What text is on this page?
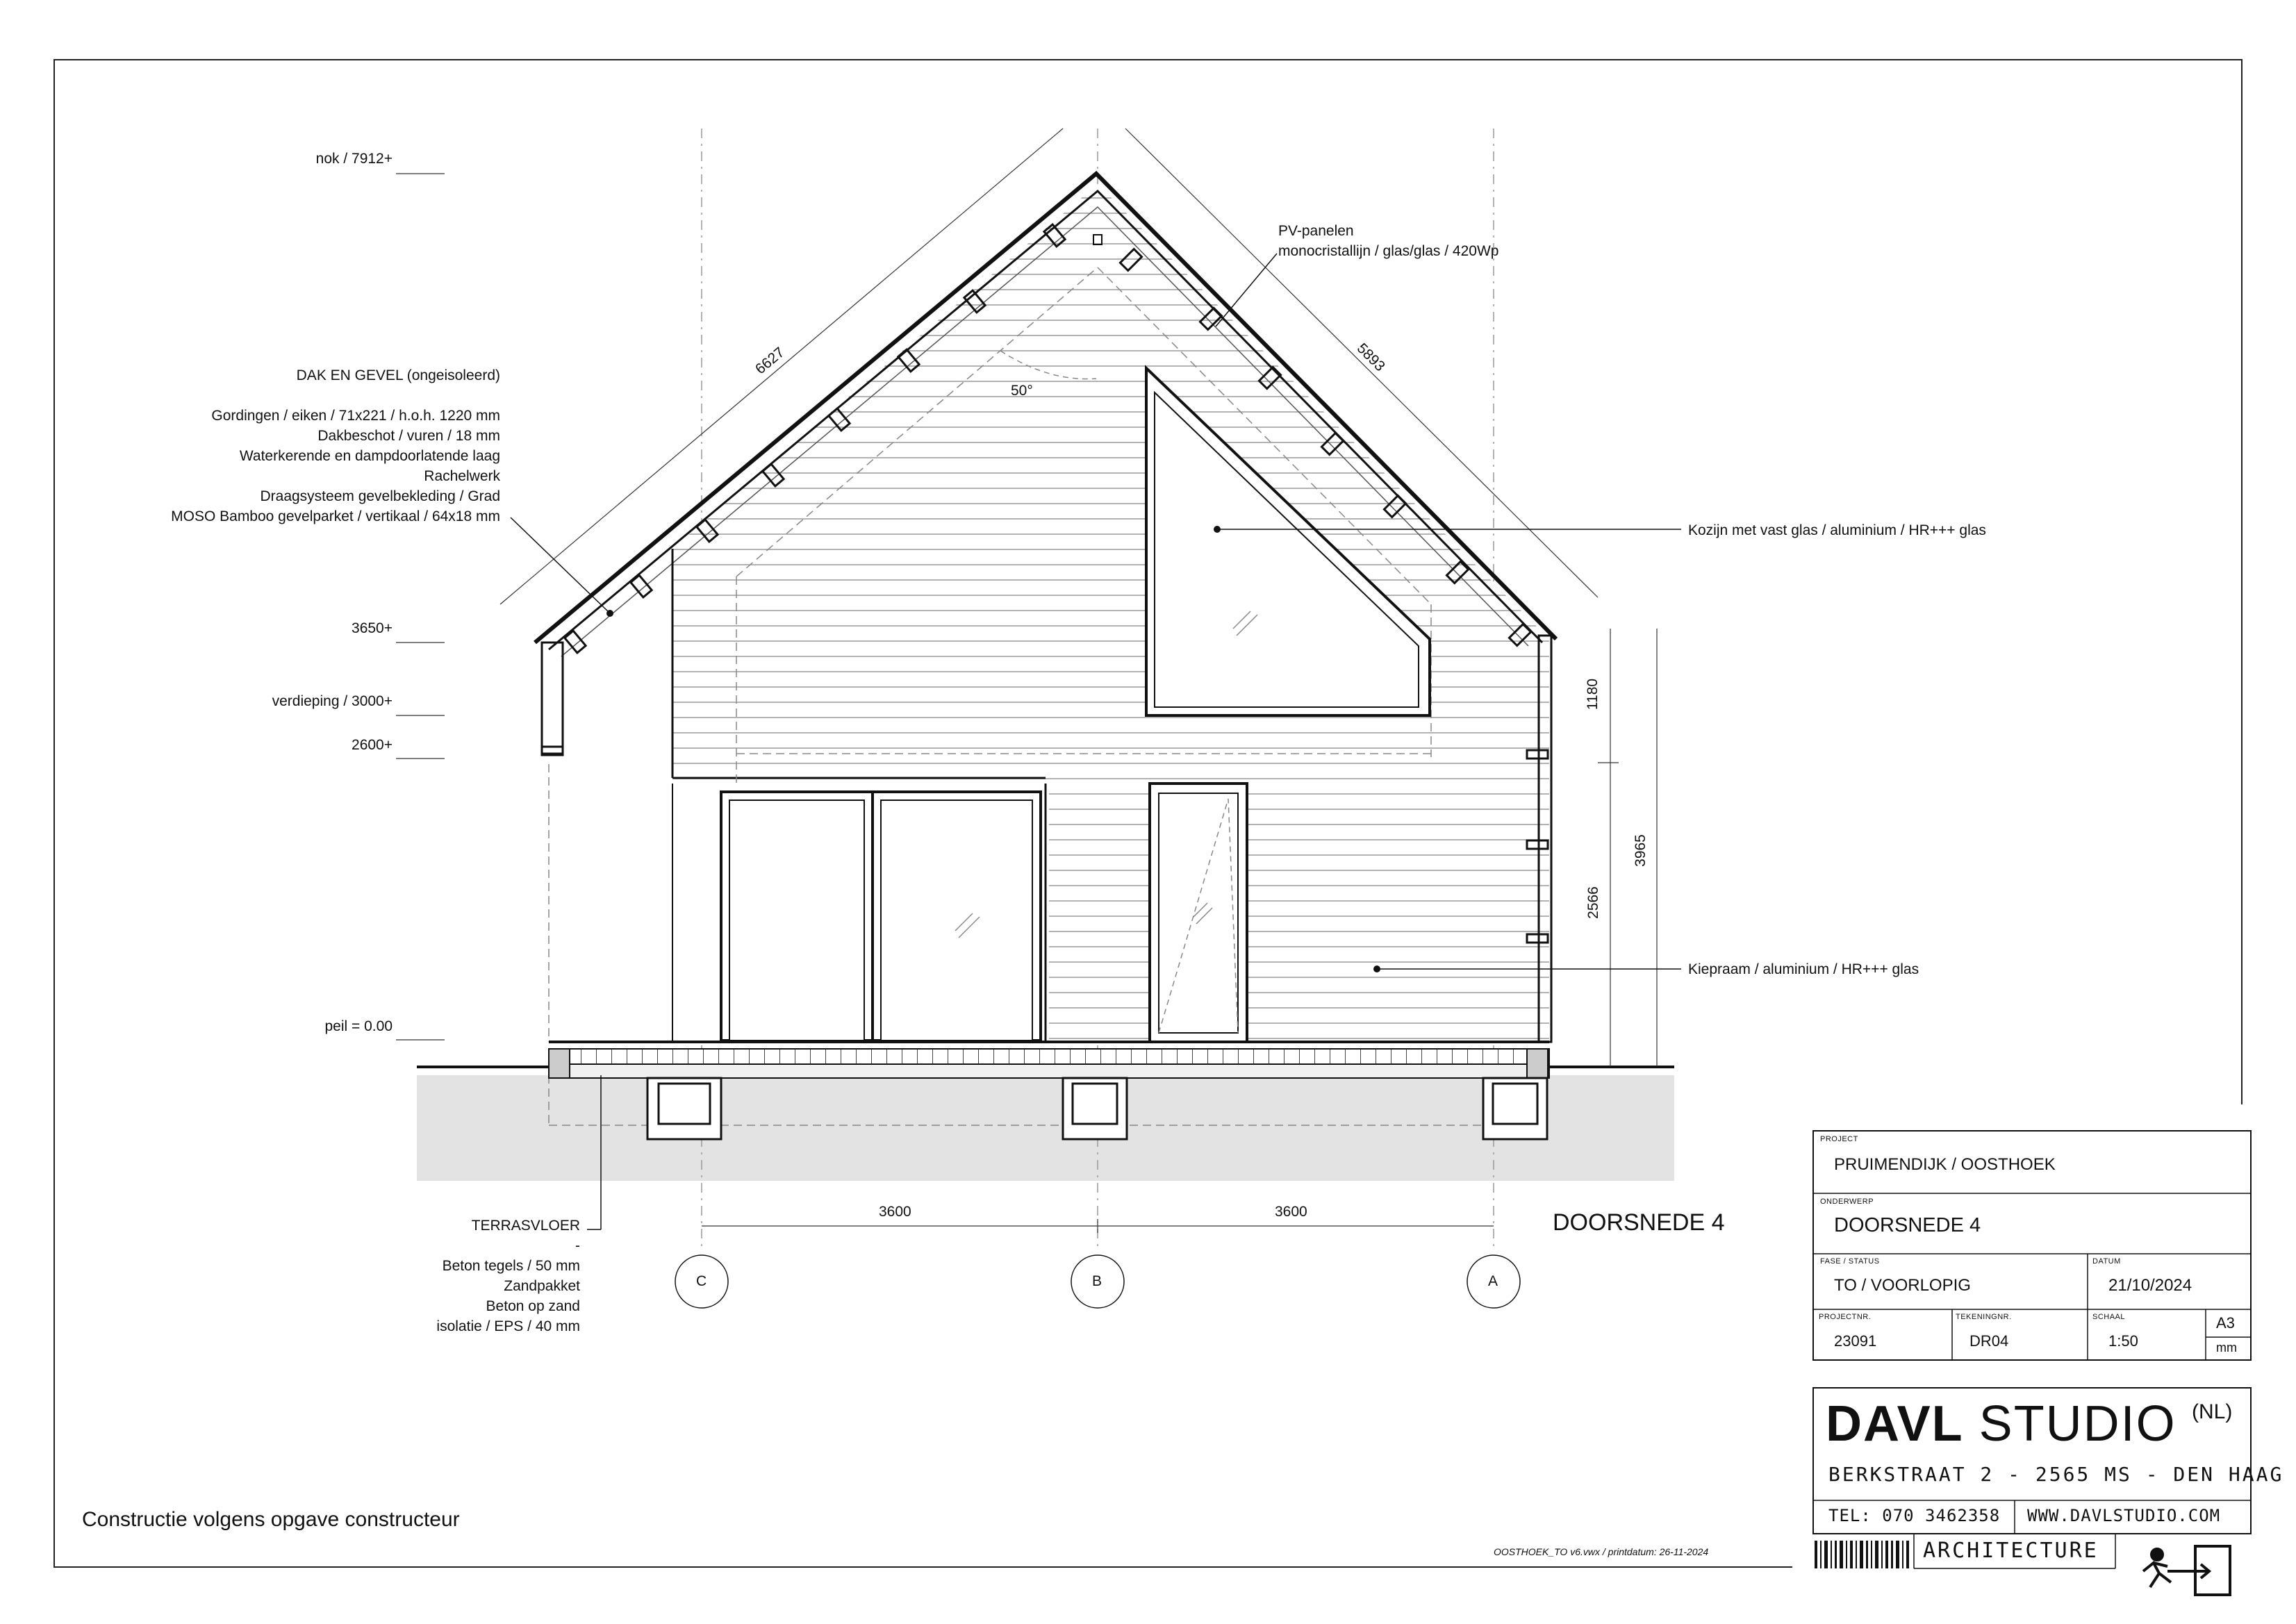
nok / 7912+
3650+
verdieping / 3000+
2600+
peil = 0.00
DAK EN GEVEL (ongeisoleerd)
Gordingen / eiken / 71x221 / h.o.h. 1220 mm
Dakbeschot / vuren / 18 mm
Waterkerende en dampdoorlatende laag
Rachelwerk
Draagsysteem gevelbekleding / Grad
MOSO Bamboo gevelparket / vertikaal / 64x18 mm
PV-panelen
monocristallijn / glas/glas / 420Wp
Kozijn met vast glas / aluminium / HR+++ glas
Kiepraam / aluminium / HR+++ glas
6627	5893
50°
1180
2566
3965
3600	3600
TERRASVLOER
-
Beton tegels / 50 mm
Zandpakket
Beton op zand
isolatie / EPS / 40 mm
C	B	A
DOORSNEDE 4
Constructie volgens opgave constructeur
OOSTHOEK_TO v6.vwx / printdatum: 26-11-2024
PROJECT
PRUIMENDIJK / OOSTHOEK
ONDERWERP
DOORSNEDE 4
FASE / STATUS
TO / VOORLOPIG
DATUM
21/10/2024
PROJECTNR.
23091
TEKENINGNR.
DR04
SCHAAL
1:50
A3
mm
DAVL STUDIO (NL)
BERKSTRAAT 2 - 2565 MS - DEN HAAG
TEL: 070 3462358 WWW.DAVLSTUDIO.COM
ARCHITECTURE
